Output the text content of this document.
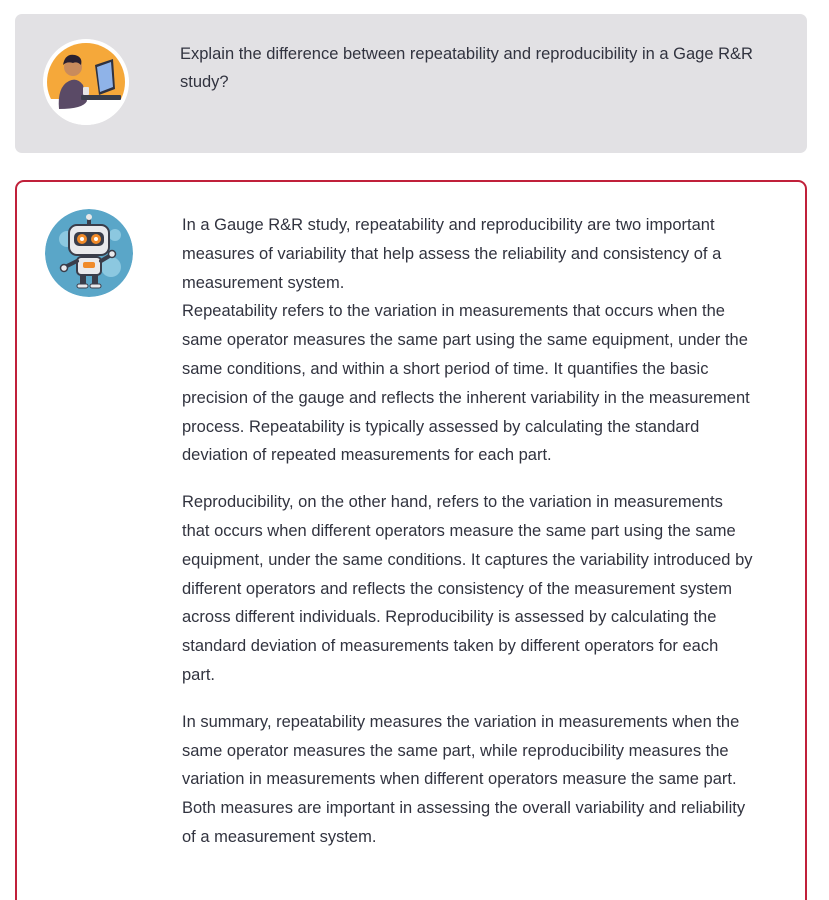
Explain the difference between repeatability and reproducibility in a Gage R&R study?

In a Gauge R&R study, repeatability and reproducibility are two important measures of variability that help assess the reliability and consistency of a measurement system.

Repeatability refers to the variation in measurements that occurs when the same operator measures the same part using the same equipment, under the same conditions, and within a short period of time. It quantifies the basic precision of the gauge and reflects the inherent variability in the measurement process. Repeatability is typically assessed by calculating the standard deviation of repeated measurements for each part.

Reproducibility, on the other hand, refers to the variation in measurements that occurs when different operators measure the same part using the same equipment, under the same conditions. It captures the variability introduced by different operators and reflects the consistency of the measurement system across different individuals. Reproducibility is assessed by calculating the standard deviation of measurements taken by different operators for each part.

In summary, repeatability measures the variation in measurements when the same operator measures the same part, while reproducibility measures the variation in measurements when different operators measure the same part. Both measures are important in assessing the overall variability and reliability of a measurement system.
